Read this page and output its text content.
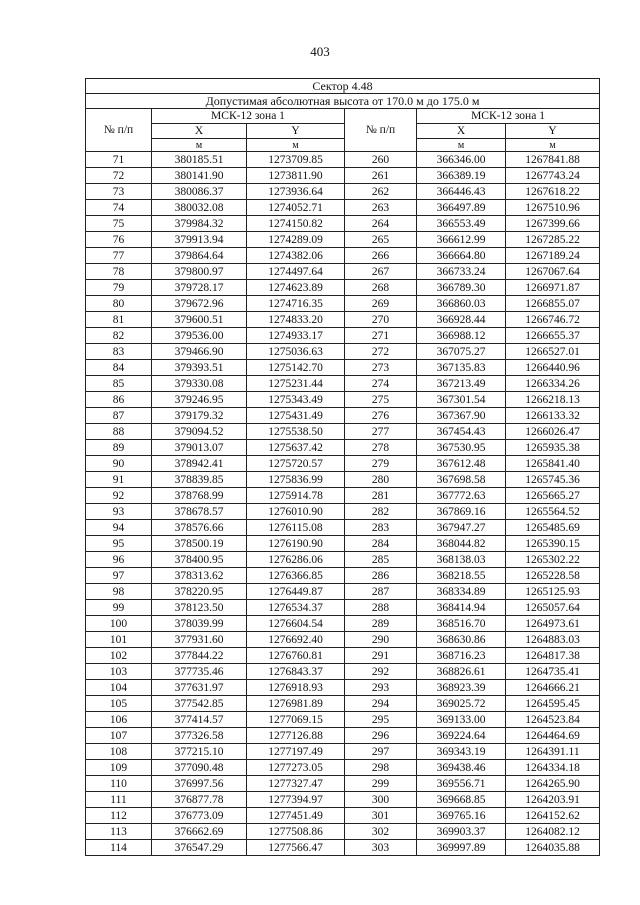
403
Сектор 4.48					
Допустимая абсолютная высота от 170.0 м до 175.0 м					
№ п/п	МСК-12 зона 1		№ п/п	МСК-12 зона 1	
	X	Y		X	Y
	м	м		м	м
71	380185.51	1273709.85	260	366346.00	1267841.88
72	380141.90	1273811.90	261	366389.19	1267743.24
73	380086.37	1273936.64	262	366446.43	1267618.22
74	380032.08	1274052.71	263	366497.89	1267510.96
75	379984.32	1274150.82	264	366553.49	1267399.66
76	379913.94	1274289.09	265	366612.99	1267285.22
77	379864.64	1274382.06	266	366664.80	1267189.24
78	379800.97	1274497.64	267	366733.24	1267067.64
79	379728.17	1274623.89	268	366789.30	1266971.87
80	379672.96	1274716.35	269	366860.03	1266855.07
81	379600.51	1274833.20	270	366928.44	1266746.72
82	379536.00	1274933.17	271	366988.12	1266655.37
83	379466.90	1275036.63	272	367075.27	1266527.01
84	379393.51	1275142.70	273	367135.83	1266440.96
85	379330.08	1275231.44	274	367213.49	1266334.26
86	379246.95	1275343.49	275	367301.54	1266218.13
87	379179.32	1275431.49	276	367367.90	1266133.32
88	379094.52	1275538.50	277	367454.43	1266026.47
89	379013.07	1275637.42	278	367530.95	1265935.38
90	378942.41	1275720.57	279	367612.48	1265841.40
91	378839.85	1275836.99	280	367698.58	1265745.36
92	378768.99	1275914.78	281	367772.63	1265665.27
93	378678.57	1276010.90	282	367869.16	1265564.52
94	378576.66	1276115.08	283	367947.27	1265485.69
95	378500.19	1276190.90	284	368044.82	1265390.15
96	378400.95	1276286.06	285	368138.03	1265302.22
97	378313.62	1276366.85	286	368218.55	1265228.58
98	378220.95	1276449.87	287	368334.89	1265125.93
99	378123.50	1276534.37	288	368414.94	1265057.64
100	378039.99	1276604.54	289	368516.70	1264973.61
101	377931.60	1276692.40	290	368630.86	1264883.03
102	377844.22	1276760.81	291	368716.23	1264817.38
103	377735.46	1276843.37	292	368826.61	1264735.41
104	377631.97	1276918.93	293	368923.39	1264666.21
105	377542.85	1276981.89	294	369025.72	1264595.45
106	377414.57	1277069.15	295	369133.00	1264523.84
107	377326.58	1277126.88	296	369224.64	1264464.69
108	377215.10	1277197.49	297	369343.19	1264391.11
109	377090.48	1277273.05	298	369438.46	1264334.18
110	376997.56	1277327.47	299	369556.71	1264265.90
111	376877.78	1277394.97	300	369668.85	1264203.91
112	376773.09	1277451.49	301	369765.16	1264152.62
113	376662.69	1277508.86	302	369903.37	1264082.12
114	376547.29	1277566.47	303	369997.89	1264035.88
